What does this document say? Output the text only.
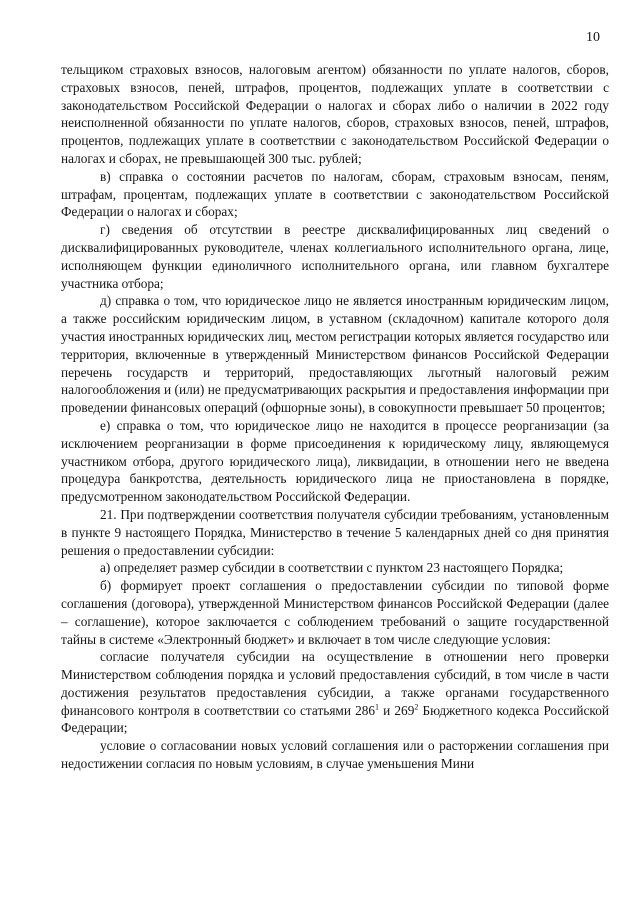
10

тельщиком страховых взносов, налоговым агентом) обязанности по уплате налогов, сборов, страховых взносов, пеней, штрафов, процентов, подлежащих уплате в соответствии с законодательством Российской Федерации о налогах и сборах либо о наличии в 2022 году неисполненной обязанности по уплате налогов, сборов, страховых взносов, пеней, штрафов, процентов, подлежащих уплате в соответствии с законодательством Российской Федерации о налогах и сборах, не превышающей 300 тыс. рублей;

в) справка о состоянии расчетов по налогам, сборам, страховым взносам, пеням, штрафам, процентам, подлежащих уплате в соответствии с законодательством Российской Федерации о налогах и сборах;

г) сведения об отсутствии в реестре дисквалифицированных лиц сведений о дисквалифицированных руководителе, членах коллегиального исполнительного органа, лице, исполняющем функции единоличного исполнительного органа, или главном бухгалтере участника отбора;

д) справка о том, что юридическое лицо не является иностранным юридическим лицом, а также российским юридическим лицом, в уставном (складочном) капитале которого доля участия иностранных юридических лиц, местом регистрации которых является государство или территория, включенные в утвержденный Министерством финансов Российской Федерации перечень государств и территорий, предоставляющих льготный налоговый режим налогообложения и (или) не предусматривающих раскрытия и предоставления информации при проведении финансовых операций (офшорные зоны), в совокупности превышает 50 процентов;

е) справка о том, что юридическое лицо не находится в процессе реорганизации (за исключением реорганизации в форме присоединения к юридическому лицу, являющемуся участником отбора, другого юридического лица), ликвидации, в отношении него не введена процедура банкротства, деятельность юридического лица не приостановлена в порядке, предусмотренном законодательством Российской Федерации.

21. При подтверждении соответствия получателя субсидии требованиям, установленным в пункте 9 настоящего Порядка, Министерство в течение 5 календарных дней со дня принятия решения о предоставлении субсидии:

а) определяет размер субсидии в соответствии с пунктом 23 настоящего Порядка;

б) формирует проект соглашения о предоставлении субсидии по типовой форме соглашения (договора), утвержденной Министерством финансов Российской Федерации (далее – соглашение), которое заключается с соблюдением требований о защите государственной тайны в системе «Электронный бюджет» и включает в том числе следующие условия:

согласие получателя субсидии на осуществление в отношении него проверки Министерством соблюдения порядка и условий предоставления субсидий, в том числе в части достижения результатов предоставления субсидии, а также органами государственного финансового контроля в соответствии со статьями $286^1$ и $269^2$ Бюджетного кодекса Российской Федерации;

условие о согласовании новых условий соглашения или о расторжении соглашения при недостижении согласия по новым условиям, в случае уменьшения Мини
